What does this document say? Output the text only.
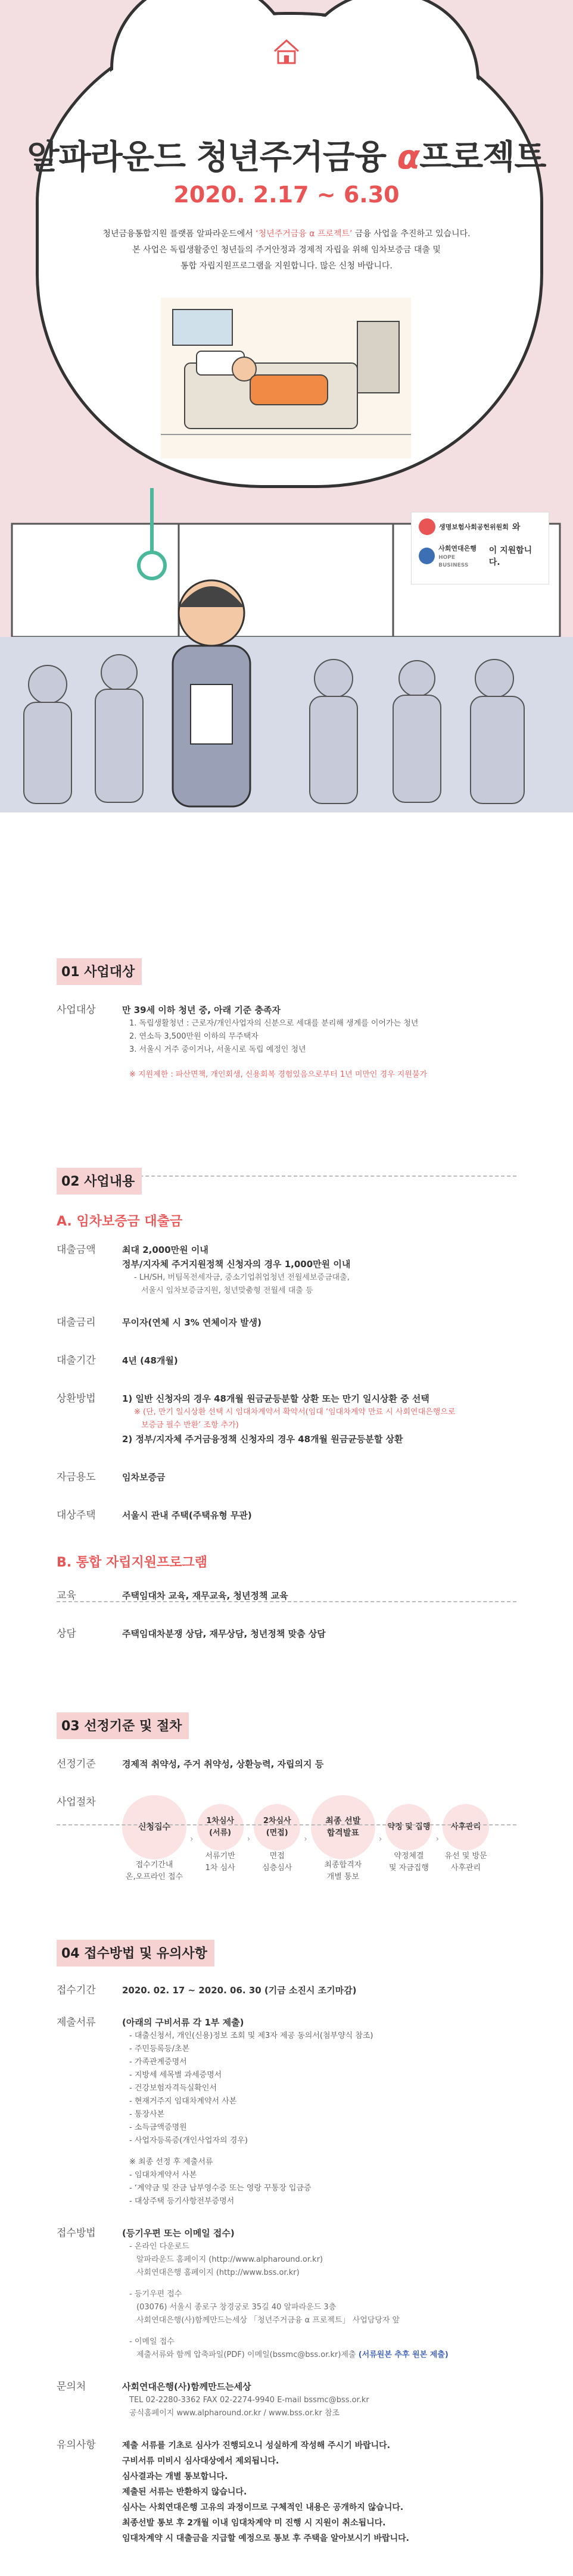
알파라운드 청년주거금융 α프로젝트
2020. 2.17 ~ 6.30
청년금융통합지원 플랫폼 알파라운드에서 ‘청년주거금융 α 프로젝트’ 금융 사업을 추진하고 있습니다.
본 사업은 독립생활중인 청년들의 주거안정과 경제적 자립을 위해 임차보증금 대출 및
통합 자립지원프로그램을 지원합니다. 많은 신청 바랍니다.
생명보험사회공헌위원회 와
사회연대은행
HOPE BUSINESS
이 지원합니다.
01 사업대상
사업대상	만 39세 이하 청년 중, 아래 기준 충족자
1. 독립생활청년 : 근로자/개인사업자의 신분으로 세대를 분리해 생계를 이어가는 청년
2. 연소득 3,500만원 이하의 무주택자
3. 서울시 거주 중이거나, 서울시로 독립 예정인 청년
※ 지원제한 : 파산면책, 개인회생, 신용회복 경험있음으로부터 1년 미만인 경우 지원불가
02 사업내용
A. 임차보증금 대출금
대출금액	최대 2,000만원 이내
정부/지자체 주거지원정책 신청자의 경우 1,000만원 이내
- LH/SH, 버팀목전세자금, 중소기업취업청년 전월세보증금대출,
서울시 임차보증금지원, 청년맞춤형 전월세 대출 등
대출금리	무이자(연체 시 3% 연체이자 발생)
대출기간	4년 (48개월)
상환방법	1) 일반 신청자의 경우 48개월 원금균등분할 상환 또는 만기 일시상환 중 선택
※ (단, 만기 일시상환 선택 시 임대차계약서 확약서(임대 ‘임대차계약 만료 시 사회연대은행으로
보증금 필수 반환’ 조항 추가)
2) 정부/지자체 주거금융정책 신청자의 경우 48개월 원금균등분할 상환
자금용도	임차보증금
대상주택	서울시 관내 주택(주택유형 무관)
B. 통합 자립지원프로그램
교육	주택임대차 교육, 재무교육, 청년정책 교육
상담	주택임대차분쟁 상담, 재무상담, 청년정책 맞춤 상담
03 선정기준 및 절차
선정기준	경제적 취약성, 주거 취약성, 상환능력, 자립의지 등
사업절차
신청접수
접수기간내
온,오프라인 접수
›
1차심사
(서류)
서류기반
1차 심사
›
2차심사
(면접)
면접
심층심사
›
최종 선발
합격발표
최종합격자
개별 통보
›
약정 및 집행
약정체결
및 자금집행
›
사후관리
유선 및 방문
사후관리
04 접수방법 및 유의사항
접수기간	2020. 02. 17 ~ 2020. 06. 30 (기금 소진시 조기마감)
제출서류	(아래의 구비서류 각 1부 제출)
- 대출신청서, 개인(신용)정보 조회 및 제3자 제공 동의서(첨부양식 참조)
- 주민등록등/초본
- 가족관계증명서
- 지방세 세목별 과세증명서
- 건강보험자격득실확인서
- 현재거주지 임대차계약서 사본
- 통장사본
- 소득금액증명원
- 사업자등록증(개인사업자의 경우)
※ 최종 선정 후 제출서류
- 임대차계약서 사본
- ‘계약금 및 잔금 납부영수증 또는 영랑 꾸통장 입금증
- 대상주택 등기사항전부증명서
접수방법	(등기우편 또는 이메일 접수)
- 온라인 다운로드
알파라운드 홈페이지 (http://www.alpharound.or.kr)
사회연대은행 홈페이지 (http://www.bss.or.kr)
- 등기우편 접수
(03076) 서울시 종로구 창경궁로 35길 40 알파라운드 3층
사회연대은행(사)함께만드는세상 「청년주거금융 α 프로젝트」 사업담당자 앞
- 이메일 접수
제출서류와 함께 압축파일(PDF) 이메일(bssmc@bss.or.kr)제출 (서류원본 추후 원본 제출)
문의처	사회연대은행(사)함께만드는세상
TEL 02-2280-3362 FAX 02-2274-9940 E-mail bssmc@bss.or.kr
공식홈페이지 www.alpharound.or.kr / www.bss.or.kr 참조
유의사항	제출 서류를 기초로 심사가 진행되오니 성실하게 작성해 주시기 바랍니다.
구비서류 미비시 심사대상에서 제외됩니다.
심사결과는 개별 통보합니다.
제출된 서류는 반환하지 않습니다.
심사는 사회연대은행 고유의 과정이므로 구체적인 내용은 공개하지 않습니다.
최종선발 통보 후 2개월 이내 임대차계약 미 진행 시 지원이 취소됩니다.
임대차계약 시 대출금을 지급할 예정으로 통보 후 주택을 알아보시기 바랍니다.
